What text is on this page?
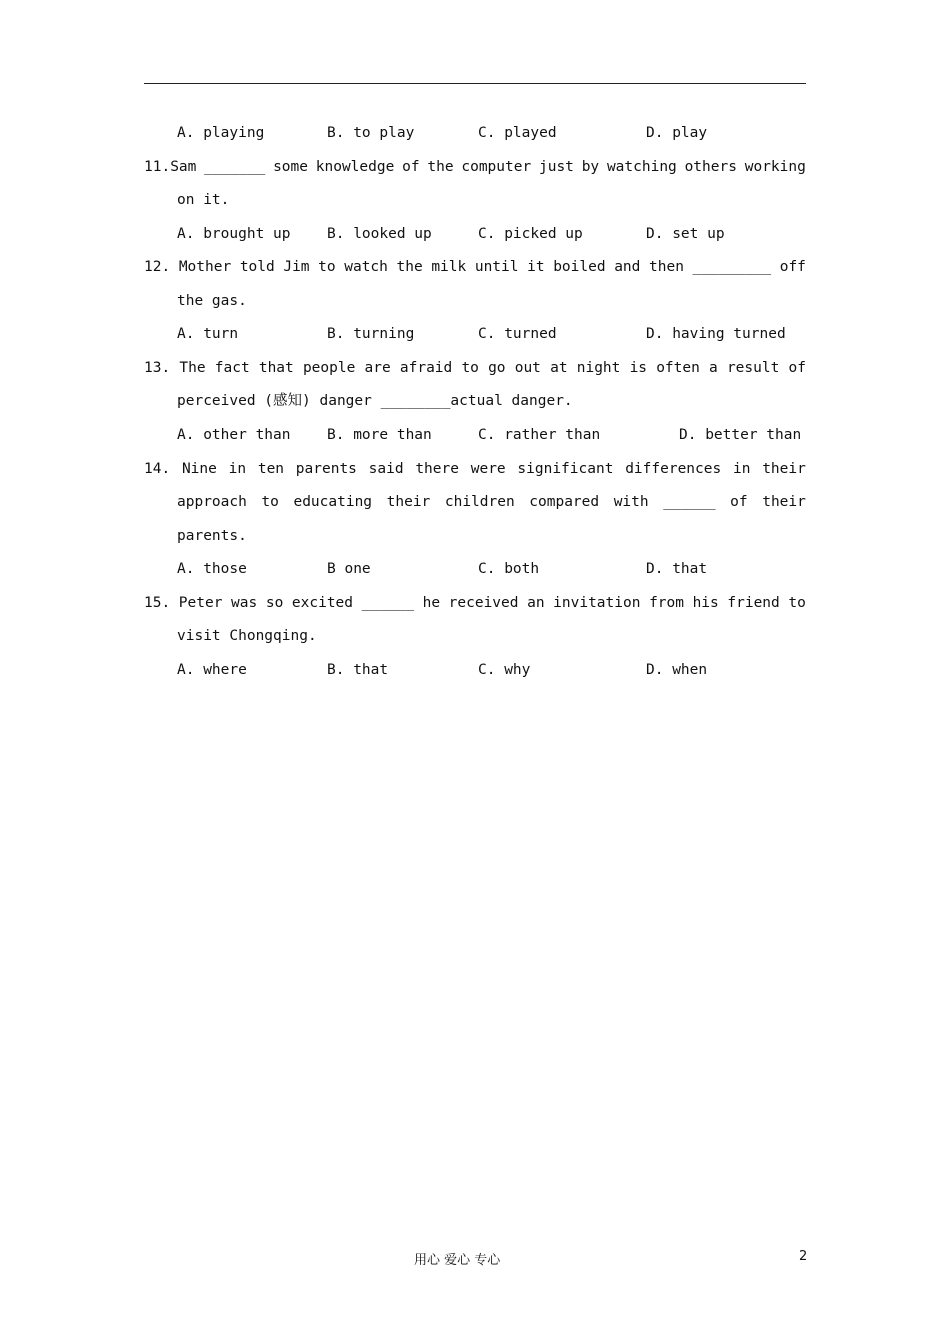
A. playing	B. to play	C. played	D. play
11.Sam _______ some knowledge of the computer just by watching others working
on it.
A. brought up	B. looked up	C. picked up	D. set up
12. Mother told Jim to watch the milk until it boiled and then _________ off
the gas.
A. turn	B. turning	C. turned	D. having turned
13. The fact that people are afraid to go out at night is often a result of
perceived (感知) danger ________actual danger.
A. other than	B. more than	C. rather than	D. better than
14. Nine in ten parents said there were significant differences in their
approach to educating their children compared with ______ of their
parents.
A. those	B one	C. both	D. that
15. Peter was so excited ______ he received an invitation from his friend to
visit Chongqing.
A. where	B. that	C. why	D. when
用心 爱心 专心	2
